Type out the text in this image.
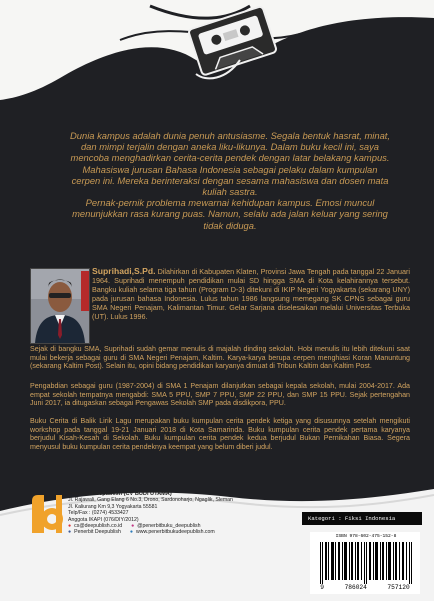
Dunia kampus adalah dunia penuh antusiasme. Segala bentuk hasrat, minat, dan mimpi terjalin dengan aneka liku-likunya. Dalam buku kecil ini, saya mencoba menghadirkan cerita-cerita pendek dengan latar belakang kampus.

Mahasiswa jurusan Bahasa Indonesia sebagai pelaku dalam kumpulan cerpen ini. Mereka berinteraksi dengan sesama mahasiswa dan dosen mata kuliah sastra.

Pernak-pernik problema mewarnai kehidupan kampus. Emosi muncul menunjukkan rasa kurang puas. Namun, selalu ada jalan keluar yang sering tidak diduga.

Suprihadi,S.Pd. Dilahirkan di Kabupaten Klaten, Provinsi Jawa Tengah pada tanggal 22 Januari 1964. Suprihadi menempuh pendidikan mulai SD hingga SMA di Kota kelahirannya tersebut. Bangku kuliah selama tiga tahun (Program D-3) ditekuni di IKIP Negeri Yogyakarta (sekarang UNY) pada jurusan bahasa Indonesia. Lulus tahun 1986 langsung memegang SK CPNS sebagai guru SMA Negeri Penajam, Kalimantan Timur. Gelar Sarjana diselesaikan melalui Universitas Terbuka (UT). Lulus 1996.

Sejak di bangku SMA, Suprihadi sudah gemar menulis di majalah dinding sekolah. Hobi menulis itu lebih ditekuni saat mulai bekerja sebagai guru di SMA Negeri Penajam, Kaltim. Karya-karya berupa cerpen menghiasi Koran Manuntung (sekarang Kaltim Post). Selain itu, opini bidang pendidikan karyanya dimuat di Tribun Kaltim dan Kaltim Post.

Pengabdian sebagai guru (1987-2004) di SMA 1 Penajam dilanjutkan sebagai kepala sekolah, mulai 2004-2017. Ada empat sekolah tempatnya mengabdi: SMA 5 PPU, SMP 7 PPU, SMP 22 PPU, dan SMP 15 PPU. Sejak pertengahan Juni 2017, ia ditugaskan sebagai Pengawas Sekolah SMP pada disdikpora, PPU.

Buku Cerita di Balik Lirik Lagu merupakan buku kumpulan cerita pendek ketiga yang disusunnya setelah mengikuti workshop pada tanggal 19-21 Januari 2018 di Kota Samarinda. Buku kumpulan cerita pendek pertama karyanya berjudul Kisah-Kesah di Sekolah. Buku kumpulan cerita pendek kedua berjudul Bukan Pernikahan Biasa. Segera menyusul buku kumpulan cerita pendeknya keempat yang belum diberi judul.

Penerbit Deepublish (CV BUDI UTAMA)
Jl. Rajawali, Gang Elang 6 No.3, Drono, Sardonoharjo, Ngaglik, Sleman
Jl. Kaliurang Km 9,3 Yogyakarta 55581
Telp/Fax : (0274) 4533427
Anggota IKAPI (076/DIY/2012)
● cs@deepublish.co.id ● @penerbitbuku_deepublish
● Penerbit Deepublish ● www.penerbitbukudeepublish.com
Kategori : Fiksi Indonesia
ISBN 978-602-475-152-8
9	786024	757120
